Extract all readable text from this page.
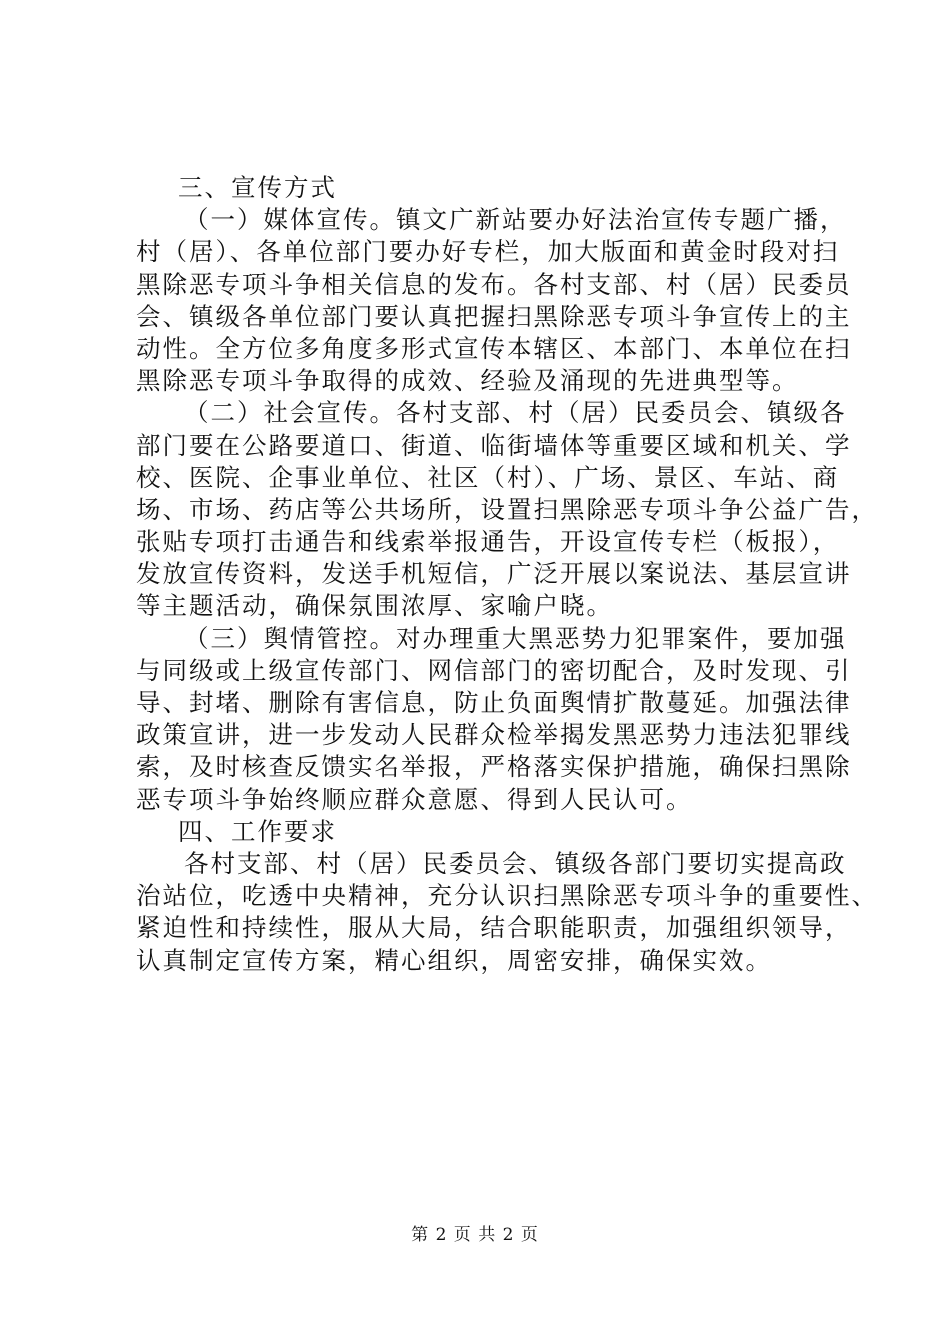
三、宣传方式
（一）媒体宣传。镇文广新站要办好法治宣传专题广播，
村（居）、各单位部门要办好专栏，加大版面和黄金时段对扫
黑除恶专项斗争相关信息的发布。各村支部、村（居）民委员
会、镇级各单位部门要认真把握扫黑除恶专项斗争宣传上的主
动性。全方位多角度多形式宣传本辖区、本部门、本单位在扫
黑除恶专项斗争取得的成效、经验及涌现的先进典型等。
（二）社会宣传。各村支部、村（居）民委员会、镇级各
部门要在公路要道口、街道、临街墙体等重要区域和机关、学
校、医院、企事业单位、社区（村）、广场、景区、车站、商
场、市场、药店等公共场所，设置扫黑除恶专项斗争公益广告，
张贴专项打击通告和线索举报通告，开设宣传专栏（板报），
发放宣传资料，发送手机短信，广泛开展以案说法、基层宣讲
等主题活动，确保氛围浓厚、家喻户晓。
（三）舆情管控。对办理重大黑恶势力犯罪案件，要加强
与同级或上级宣传部门、网信部门的密切配合，及时发现、引
导、封堵、删除有害信息，防止负面舆情扩散蔓延。加强法律
政策宣讲，进一步发动人民群众检举揭发黑恶势力违法犯罪线
索，及时核查反馈实名举报，严格落实保护措施，确保扫黑除
恶专项斗争始终顺应群众意愿、得到人民认可。
四、工作要求
各村支部、村（居）民委员会、镇级各部门要切实提高政
治站位，吃透中央精神，充分认识扫黑除恶专项斗争的重要性、
紧迫性和持续性，服从大局，结合职能职责，加强组织领导，
认真制定宣传方案，精心组织，周密安排，确保实效。
第 2 页 共 2 页
